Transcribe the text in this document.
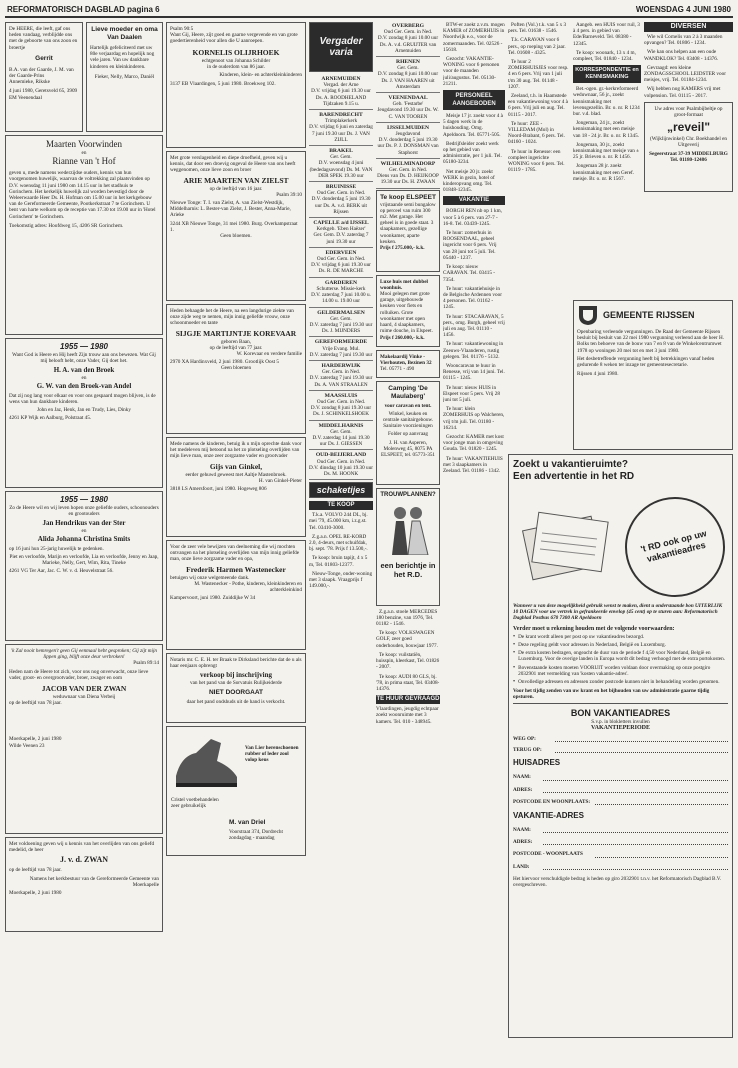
REFORMATORISCH DAGBLAD pagina 6	WOENSDAG 4 JUNI 1980

De HEERE, die leeft, gaf ons heden vandaag, verblijdde ons met de geboorte van ons zoon en broertje

Gerrit

B.A. van der Gaarde, J. M. van der Gaarde-Prins

Annemieke, Rikske

4 juni 1980, Geretsveld 65, 3909 EM Veenendaal

Lieve moeder en oma Van Daalen

Hartelijk gefeliciteerd met uw 80e verjaardag en hopelijk nog vele jaren. Van uw dankbare kinderen en kleinkinderen.

Fieker, Nelly, Marco, Daniël

Maarten Voorwinden

en

Rianne van 't Hof

geven u, mede namens wederzijdse ouders, kennis van hun voorgenomen huwelijk, waarvan de voltrekking zal plaatsvinden op D.V. woensdag 11 juni 1980 om 14.15 uur in het stadhuis te Gorinchem. Het kerkelijk huwelijk zal worden bevestigd door de Weleerwaarde Heer Ds. H. Hofman om 15.00 uur in het kerkgebouw van de Gereformeerde Gemeente, Pootkerkstraat 7 te Gorinchem. U bent van harte welkom op de receptie van 17.30 tot 19.00 uur in 'Hotel Gorinchem' te Gorinchem.

Toekomstig adres: Hoofdweg 15, 4206 SR Gorinchem.

1955 — 1980

Want God is Heere en Hij heeft Zijn trouw aan ons bewezen. Wat Gij mij belooft hebt, onze Vader, Gij doet het.

H. A. van den Broek

en

G. W. van den Broek-van Andel

Dat zij nog lang voor elkaar en voor ons gespaard mogen blijven, is de wens van hun dankbare kinderen.

John en Jaz, Henk, Jan en Trudy, Lies, Dinky

4261 KP Wijk en Aalburg, Polstraat 45.

1955 — 1980

Zo de Heere wil en wij leven hopen onze geliefde ouders, schoonouders en grootouders

Jan Hendrikus van der Ster

en

Alida Johanna Christina Smits

op 16 juni hun 25-jarig huwelijk te gedenken.

Piet en verloofde, Marijn en verloofde, Lia en verloofde, Jenny en Jaap, Marieke, Nelly, Gert, Wim, Rita, Tineke

4261 VG Ter Aar, Jac. C. W. v. d. Heuvelstraat 56.

'k Zal nooit hemregen't geen Gij eenmaal hebt gesproken; Gij zijt mijn lippen ging, blijft onze deur verbroken!

Psalm 89:14

Heden nam de Heere tot zich, voor ons nog onverwacht, onze lieve vader, groot- en overgrootvader, broer, zwager en oom

JACOB VAN DER ZWAN

weduwnaar van Diena Verbeij

op de leeftijd van 78 jaar.

Moerkapelle, 2 juni 1980

Wilde Veenen 23

Met voldoening geven wij u kennis van het overlijden van ons geliefd medelid, de heer

J. v. d. ZWAN

op de leeftijd van 78 jaar.

Namens het kerkbestuur van de Gereformeerde Gemeente van Moerkapelle

Moerkapelle, 2 juni 1980

Psalm 90:5

Want Gij, Heere, zijt goed en gaarne vergevende en van grote goedertierenheid voor allen die U aanroepen.

KORNELIS OLIJRHOEK

echtgenoot van Johanna Schilder

in de ouderdom van 86 jaar.

Kinderen, klein- en achterkleinkinderen

3137 EB Vlaardingen, 5 juni 1980. Broekweg 102.

Met grote verslagenheid en diepe droefheid, geven wij u kennis, dat door een droevig ongeval de Heere van ons heeft weggenomen, onze lieve zoon en broer

ARIE MAARTEN VAN ZIELST

op de leeftijd van 16 jaar.

Psalm 39:10

Nieuwe Tonge: T. I. van Zielst, A. van Zielst-Westdijk, Middelharnis: L. Bester-van Zielst, J. Bester, Anna-Marie, Arieke

3244 XB Nieuwe Tonge, 31 mei 1980. Burg. Overkampstraat 1.

Geen bloemen.

Heden behaagde het de Heere, na een langdurige ziekte van onze zijde weg te nemen, mijn innig geliefde vrouw, onze schoonmoeder en tante

SIJGJE MARTIJNTJE KOREVAAR

geboren Baan,

op de leeftijd van 77 jaar.

W. Korevaar en verdere familie

2970 XA Hardinxveld, 2 juni 1980. Grootlijk Oost 5

Geen bloemen

Mede namens de kinderen, betuig ik u mijn oprechte dank voor het medeleven mij betoond na het zo plotseling overlijden van mijn lieve man, onze zeer zorgzame vader en grootvader

Gijs van Ginkel,

eerder gehuwd geweest met Aaltje Mastenbroek.

H. van Ginkel-Pieter

3818 LS Amersfoort, juni 1980. Hogeweg 806

Voor de zeer vele bewijzen van deelneming die wij mochten ontvangen na het plotseling overlijden van mijn innig geliefde man, onze lieve zorgzame vader en opa,

Frederik Harmen Wastenecker

betuigen wij onze welgemeende dank.

M. Wastenecker - Pothe, kinderen, kleinkinderen en achterkleinkind

Kampervoort, juni 1980. Zuiddijke W 34

Notaris mr. C. E. H. ter Braak te Dirksland berichte dat de u als haar eenjaars opbrengt

verkoop bij inschrijving

van het pand van de Sorvatuis Rulijkeiderde

NIET DOORGAAT

daar het pand ondshuds uit de hand is verkocht.

Van Lier herenschoenen rubber of leder zool volop keus

Cristel voetbehandelen zeer gebruikelijk

M. van Driel

Voorstraat 374, Dordrecht zondagdag - maandag

Vergader varia

ARNEMUIDEN

Vergad. der Arne

D.V. vrijdag 6 juni 19.30 uur Ds. A. ROODHELAND Tijdzaken 9.15 u.

BARENDRECHT

Trimplakerkerk

D.V. vrijdag 6 juni en zaterdag 7 juni 19.30 uur Ds. J. VAN ZIJLL

BRAKEL

Ger. Gem.

D.V. woensdag 4 juni (bededagsavond) Ds. M. VAN DER SPEK 19.30 uur

BRUINISSE

Oud Ger. Gem. in Ned.

D.V. donderdag 5 juni 19.30 uur Ds. A. v.d. BERK uit Rijssen

CAPELLE a/d IJSSEL

Kerkgeb. 'Eben Haëzer'

Ger. Gem. D.V. zaterdag 7 juni 19.30 uur

EDERVEEN

Oud Ger. Gem. in Ned.

D.V. vrijdag 6 juni 19.30 uur Ds. R. DE MARCHE

GARDEREN

Schutterse. Missie-kerk

D.V. zaterdag 7 juni 10.00 u. 14.00 u. 19.00 uur

GELDERMALSEN

Ger. Gem.

D.V. zaterdag 7 juni 19.30 uur Ds. J. MIJNDERS

GEREFORMEERDE

Vrije Evang. Mul.

D.V. zaterdag 7 juni 19.30 uur

HARDERWIJK

Ger. Gem. in Ned.

D.V. zaterdag 7 juni 19.30 uur Ds. A. VAN STRAALEN

MAASSLUIS

Oud Ger. Gem. in Ned.

D.V. zondag 8 juni 19.30 uur Ds. J. SCHINKELSHOEK

MIDDELHARNIS

Ger. Gem.

D.V. zaterdag 14 juni 19.30 uur Ds. J. GIESSEN

OUD-BEIJERLAND

Oud Ger. Gem. in Ned.

D.V. dinsdag 10 juni 19.30 uur Ds. M. HOONK

schaketijes
TE KOOP

T.k.a. VOLVO 244 DL, bj. mei '79, 45.000 km, i.z.g.st. Tel. 03410-3000.

Z.g.a.n. OPEL RE-KORD 2.0, 4-deurs, met schuifdak, bj. sept. '78. Prijs f 13.500,-.

Te koop: bruin tapijt, 4 x 5 m, Tel. 01803-12377.

Nieuw-Tonge, onder-woning met 3 slaapk. Vraagprijs f 149.000,-.

OVERBERG

Oud Ger. Gem. in Ned.

D.V. zondag 8 juni 10.00 uur Ds. A. v.d. GRUIJTER van Arnemuiden

RHENEN

Ger. Gem.

D.V. zondag 8 juni 10.00 uur Ds. J. VAN HAAREN uit Amsterdam

VEENENDAAL

Geb. 'Festarbe'

Jeugdavond 19.30 uur Ds. W. C. VAN TOOREN

IJSSELMUIDEN

Jeugdavond

D.V. donderdag 5 juni 19.30 uur Ds. P. J. DONSMAN van Staphorst

WILHELMINADORP

Ger. Gem. in Ned.

Diens van Ds. D. HEIJKOOP 19.30 uur Ds. H. ZWAAN

Te koop ELSPEET

vrijstaande semi bungalow op perceel van ruim 300 m2. Met garage. Het geheel is in goede staat. 3 slaapkamers, gezellige woonkamer, aparte keuken.

Prijs f 275.000,- k.k.

Luxe huis met dubbel woonhuis.

Mooi gelegen met grote garage, uitgebouwde keuken voor fiets en rolluiken. Grote woonkamer met open haard, 4 slaapkamers, ruime douche, in Elspeet.

Prijs f 260.000,- k.k.

Makelaardij Vinke - Vierhouten, Bezinen 32

Tel. 05771 - 490

Camping 'De Maulaberg'

voor caravan en tent.

Winkel, keuken en centrale sanitairgebouw. Sanitaire voorzieningen

Folder op aanvraag

J. H. van Asperen, Molenweg 45, 8075 PA ELSPEET, tel. 05773-351

TROUWPLANNEN?

een berichtje in het R.D.

Z.g.a.n. stoele MERCEDES 180 benzine, van 1976, Tel. 01182 - 1546.

Te koop: VOLKSWAGEN GOLF, zeer goed onderhouden, bouwjaar 1977.

Te koop: vuilstatiën, huisspin, kleerkast, Tel. 01826 - 2007.

Te koop: AUDI 80 GLS, bj. '78, in prima staat, Tel. 03408-14376.

TE HUUR GEVRAAGD

Vlaardingen, jeugdig echtpaar zoekt woonruimte met 3 kamers. Tel. 010 - 348945.

BTW-er zoekt z.v.m. mogen KAMER of ZOMERHUIS in Noordwijk e.o., voor de zomermaanden. Tel. 02526 - 15618.

Gezocht: VAKANTIE-WONING voor 6 personen voor de maanden juli/augustus. Tel. 05130-21211.

PERSONEEL AANGEBODEN

Meisje 17 jr. zoekt voor 4 à 5 dagen werk in de huishouding. Omg. Apeldoorn. Tel. 05771-505.

Bedrijfsleider zoekt werk op het gebied van administratie, per 1 juli. Tel. 05180-3234.

Net meisje 20 jr. zoekt WERK in gezin, hotel of kinderopvang omg. Tel. 01848-12345.

VAKANTIE

BORGH REN nb op 1 km, voor 5 à 6 pers. van 27-7 - 16-8. Tel. 03439-1245.

Te huur: zomerhuis in ROOSENDAAL, geheel ingericht voor 6 pers. Vrij van 28 juni tot 5 juli. Tel. 05440 - 1237.

Te koop: nieuw CARAVAN. Tel. 03415 - 7354.

Te huur: vakantiehuisje in de Belgische Ardennen voor 4 personen. Tel. 01162 - 1245.

Te huur: STACARAVAN, 5 pers., omg. Burgh, geheel vrij juli en aug. Tel. 01110 - 1456.

Te huur: vakantiewoning in Zeeuws-Vlaanderen, rustig gelegen. Tel. 01176 - 5132.

Wooncaravan te huur in Renesse, vrij van 14 juni. Tel. 01115 - 1245.

Te huur: nieuw HUIS in Elspeet voor 5 pers. Vrij 28 juni tot 5 juli.

Te huur: klein ZOMERHUIS op Walcheren, vrij t/m juli. Tel. 01180 - 16214.

Gezocht: KAMER met kost voor jonge man in omgeving Gouda. Tel. 01820 - 1245.

Te huur: VAKANTIEHUIS met 3 slaapkamers in Zeeland. Tel. 01186 - 1342.

Poften (Vol.) t.k. van 5 x 3 pers. Tel. 01638 - 1546.

T.k. CARAVAN voor 6 pers., op roeping van 2 jaar. Tel. 01608 - 4325.

Te huur 2 ZOMERHUISJES voor resp. 4 en 6 pers. Vrij van 1 juli t/m 30 aug. Tel. 01148 - 1207.

Zeeland, t.h. in Haamstede een vakantiewoning voor 4 à 6 pers. Vrij juli en aug. Tel. 01115 - 2017.

Te huur: ZEE - VILLEDAM (Mol) in Noord-Brabant, 6 pers. Tel. 04160 - 1024.

Te huur in Renesse: een compleet ingerichte WONING voor 6 pers. Tel. 01119 - 1785.

Aangeb. een HUIS voor ruil, 3 à 4 pers. in gebied van Ede/Barneveld. Tel. 08380 - 12345.

Te koop: woonark, 13 x 4 m, compleet, Tel. 01840 - 1234.

KORRESPONDENTIE en KENNISMAKING

Bet.-ogen. gr.-kerkreformeerd weduwnaar, 56 jr., zoekt kennismaking met levensgezellin. Br. o. nr. R 1234 bur. v.d. blad.

Jongeman, 24 jr., zoekt kennismaking met een meisje van 18 - 24 jr. Br. o. nr. R 1345.

Jongeman, 30 jr., zoekt kennismaking met meisje van ± 25 jr. Brieven o. nr. R 1456.

Jongeman 28 jr. zoekt kennismaking met een Geref. meisje. Br. o. nr. R 1567.

DIVERSEN

Wie wil Cornelis van 2 à 3 maanden opvangen? Tel. 01806 - 1234.

Wie kan ons helpen aan een oude WANDKLOK? Tel. 03408 - 14376.

Gevraagd: een kleine ZONDAGSSCHOOL LEIDSTER voor meisjes, vrij. Tel. 01184-1234.

Wij hebben nog KAMERS vrij met volpension. Tel. 01115 - 2017.

Uw adres voor Psalmbijbeltje op groot-formaat

„reveil"

(Wijklijnwinkel) Chr. Boekhandel en Uitgeverij

Segeerstraat 37-39 MIDDELBURG Tel. 01180-12486

GEMEENTE RIJSSEN

Openbaring verleende vergunningen. De Raad der Gemeente Rijssen besluit bij besluit van 22 mei 1980 vergunning verleend aan de heer H. Bolks ten behoeve van de bouw van 7 en 8 van de Winkelcentrumwet 1978 op woningen 20 mei tot en met 3 juni 1980.

Het desbetreffende vergunning heeft bij betrekkingen vanaf heden gedurende 8 weken ter inzage ter gemeentesecretarie.

Rijssen 4 juni 1980.

Zoekt u vakantieruimte?

Een advertentie in het RD

't RD ook op uw vakantieadres

Wanneer u van deze mogelijkheid gebruik wenst te maken, dient u onderstaande bon UITERLIJK 10 DAGEN voor uw vertrek in gefrankeerde envelop (45 cent) op te sturen aan: Reformatorisch Dagblad Postbus 670 7300 AR Apeldoorn

Verder moet u rekening houden met de volgende voorwaarden:

• De krant wordt alleen per post op uw vakantieadres bezorgd.
• Deze regeling geldt voor adressen in Nederland, België en Luxemburg.
• De extra kosten bedragen, ongeacht de duur van de periode f 4,50 voor Nederland, België en Luxemburg. Voor de overige landen in Europa wordt dit bedrag verhoogd met de extra portokosten.
• Bovenstaande kosten moeten VOORUIT worden voldaan door overmaking op onze postgiro 2032901 met vermelding van 'kosten vakantie-adres'.
• Onvolledige adressen en adressen zonder postcode kunnen niet in behandeling worden genomen.

Voor het tijdig zenden van uw krant en het bijhouden van uw administratie gaarne tijdig opsturen.

BON VAKANTIEADRES

S.v.p. in blokletters invullen

VAKANTIEPERIODE

WEG OP:
TERUG OP:

HUISADRES

NAAM:
ADRES:
POSTCODE EN WOONPLAATS:

VAKANTIE-ADRES

NAAM:
ADRES:
POSTCODE - WOONPLAATS
LAND:

Het hiervoor verschuldigde bedrag is heden op giro 2032901 t.n.v. het Reformatorisch Dagblad B.V. overgeschreven.
